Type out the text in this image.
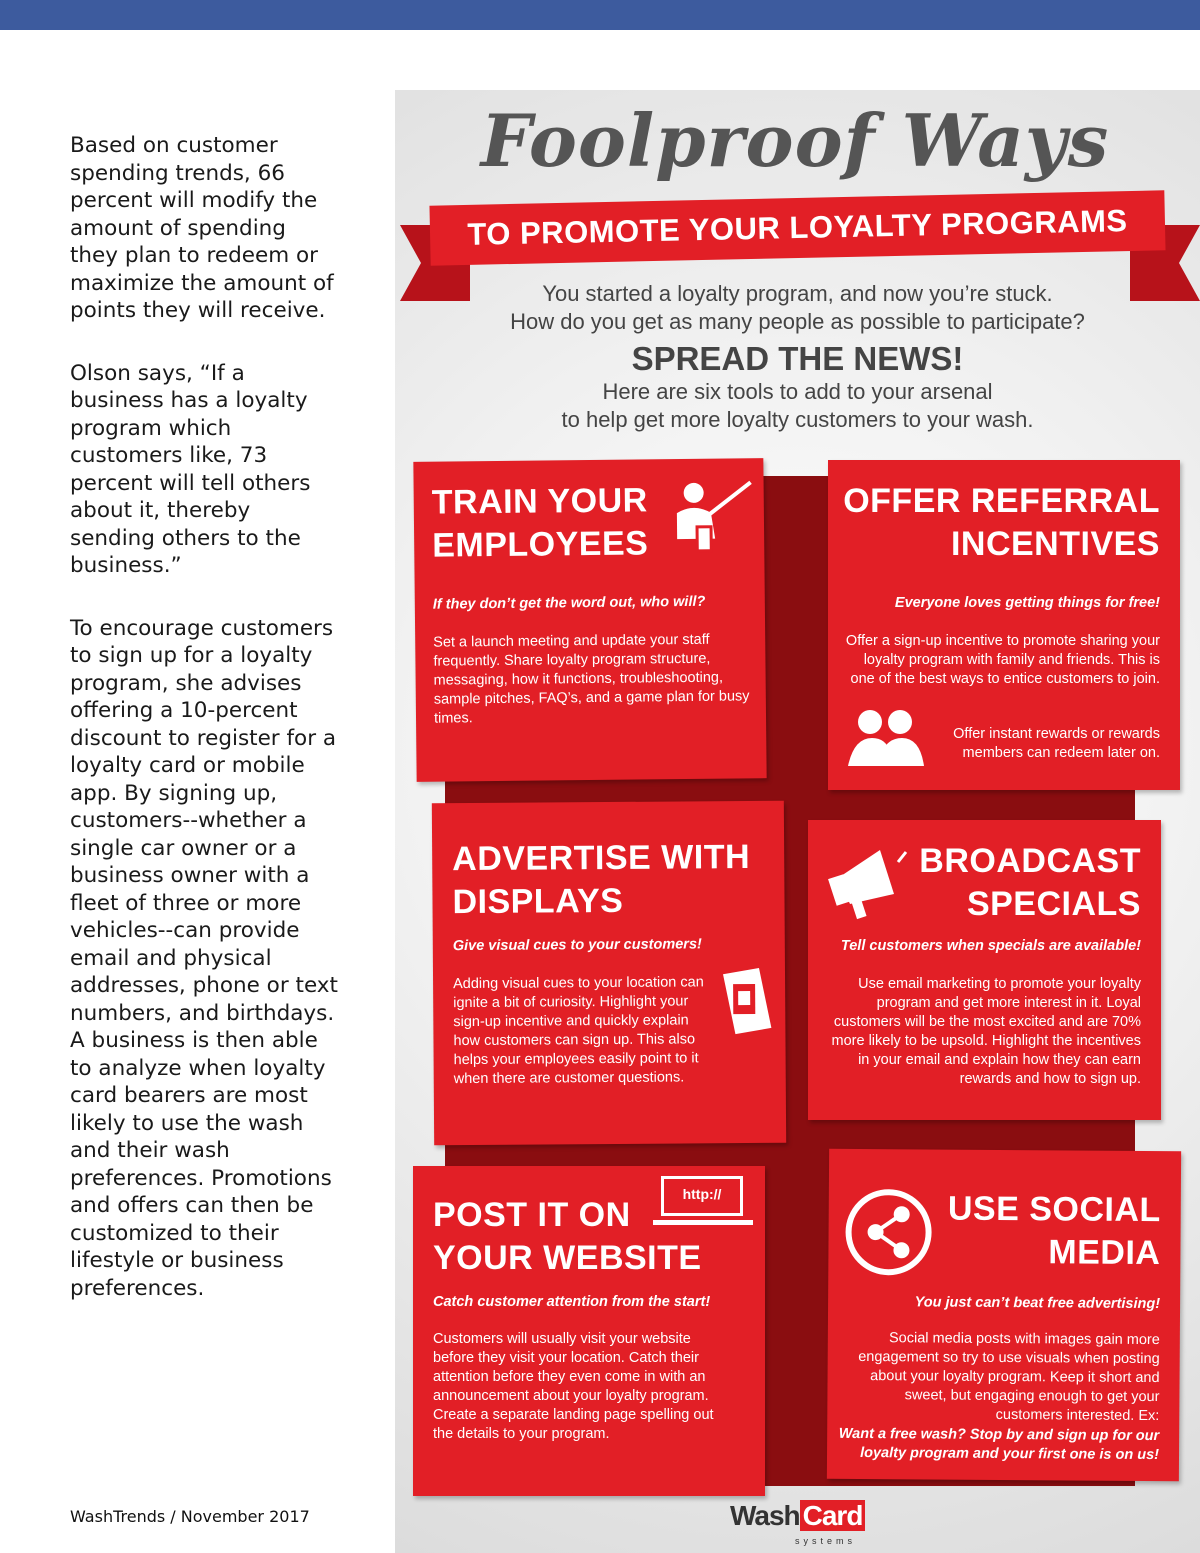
Based on customer spending trends, 66 percent will modify the amount of spending they plan to redeem or maximize the amount of points they will receive.

Olson says, “If a business has a loyalty program which customers like, 73 percent will tell others about it, thereby sending others to the business.”

To encourage customers to sign up for a loyalty program, she advises offering a 10-percent discount to register for a loyalty card or mobile app. By signing up, customers--whether a single car owner or a business owner with a fleet of three or more vehicles--can provide email and physical addresses, phone or text numbers, and birthdays. A business is then able to analyze when loyalty card bearers are most likely to use the wash and their wash preferences. Promotions and offers can then be customized to their lifestyle or business preferences.

WashTrends / November 2017
Foolproof Ways
TO PROMOTE YOUR LOYALTY PROGRAMS
You started a loyalty program, and now you’re stuck.
How do you get as many people as possible to participate?
SPREAD THE NEWS!
Here are six tools to add to your arsenal
to help get more loyalty customers to your wash.
TRAIN YOUR
EMPLOYEES
If they don’t get the word out, who will?
Set a launch meeting and update your staff frequently. Share loyalty program structure, messaging, how it functions, troubleshooting, sample pitches, FAQ’s, and a game plan for busy times.
OFFER REFERRAL
INCENTIVES
Everyone loves getting things for free!
Offer a sign-up incentive to promote sharing your loyalty program with family and friends. This is one of the best ways to entice customers to join.
Offer instant rewards or rewards members can redeem later on.
ADVERTISE WITH
DISPLAYS
Give visual cues to your customers!
Adding visual cues to your location can ignite a bit of curiosity. Highlight your sign-up incentive and quickly explain how customers can sign up. This also helps your employees easily point to it when there are customer questions.
BROADCAST
SPECIALS
Tell customers when specials are available!
Use email marketing to promote your loyalty program and get more interest in it. Loyal customers will be the most excited and are 70% more likely to be upsold. Highlight the incentives in your email and explain how they can earn rewards and how to sign up.
POST IT ON
YOUR WEBSITE
http://
Catch customer attention from the start!
Customers will usually visit your website before they visit your location. Catch their attention before they even come in with an announcement about your loyalty program. Create a separate landing page spelling out the details to your program.
USE SOCIAL
MEDIA
You just can’t beat free advertising!
Social media posts with images gain more engagement so try to use visuals when posting about your loyalty program. Keep it short and sweet, but engaging enough to get your customers interested. Ex:
Want a free wash? Stop by and sign up for our loyalty program and your first one is on us!
Wash Card
systems
